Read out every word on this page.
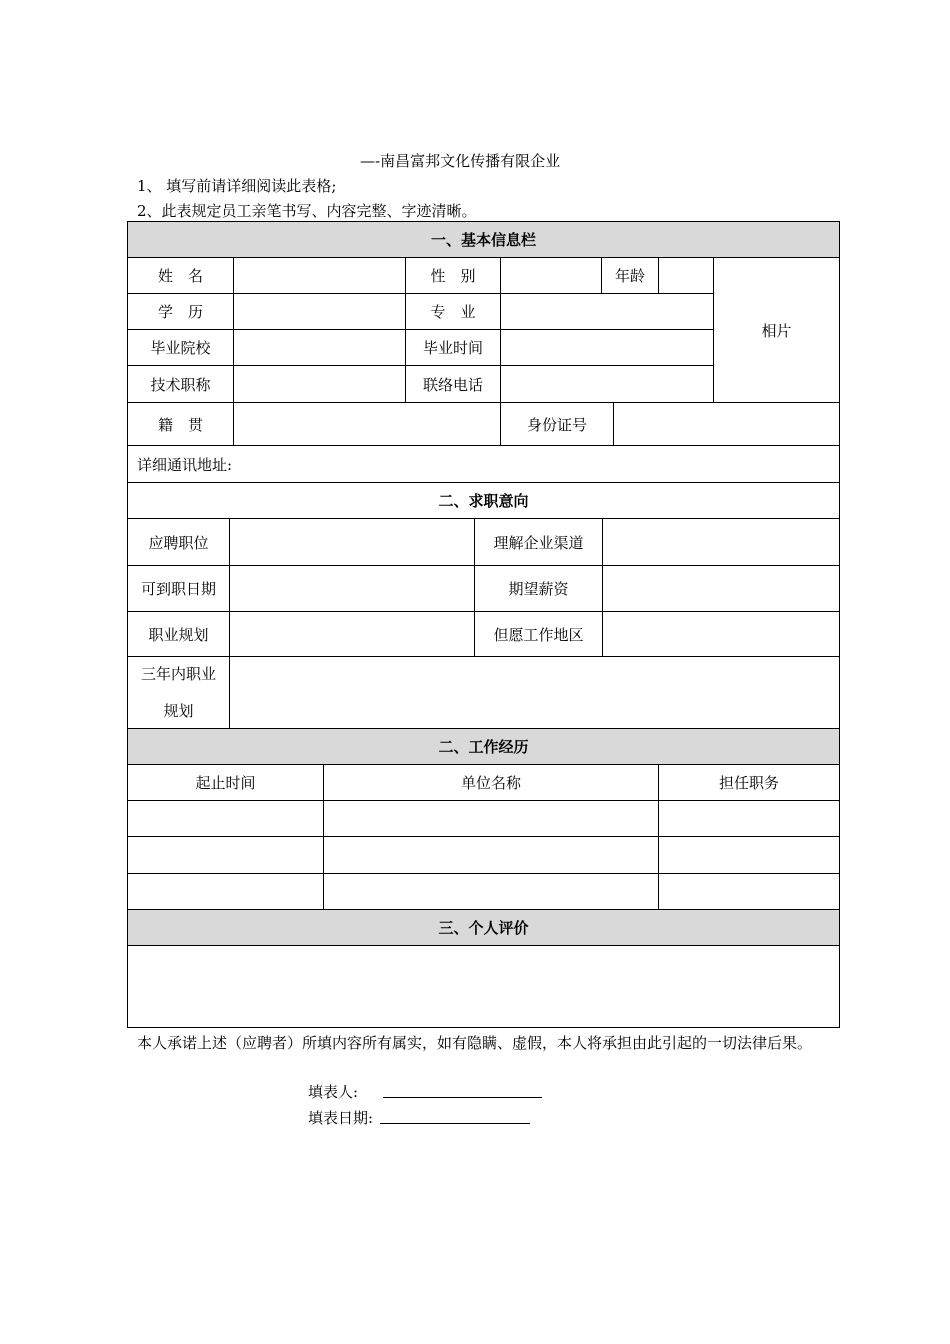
—-南昌富邦文化传播有限企业
1、 填写前请详细阅读此表格;
2、此表规定员工亲笔书写、内容完整、字迹清晰。
一、基本信息栏
姓　名	性　别	年龄
相片
学　历	专　业
毕业院校	毕业时间
技术职称	联络电话
籍　贯	身份证号
详细通讯地址:
二、求职意向
应聘职位	理解企业渠道
可到职日期	期望薪资
职业规划	但愿工作地区
三年内职业
规划
二、工作经历
起止时间	单位名称	担任职务
三、个人评价
本人承诺上述（应聘者）所填内容所有属实，如有隐瞒、虚假，本人将承担由此引起的一切法律后果。
填表人:
填表日期:
